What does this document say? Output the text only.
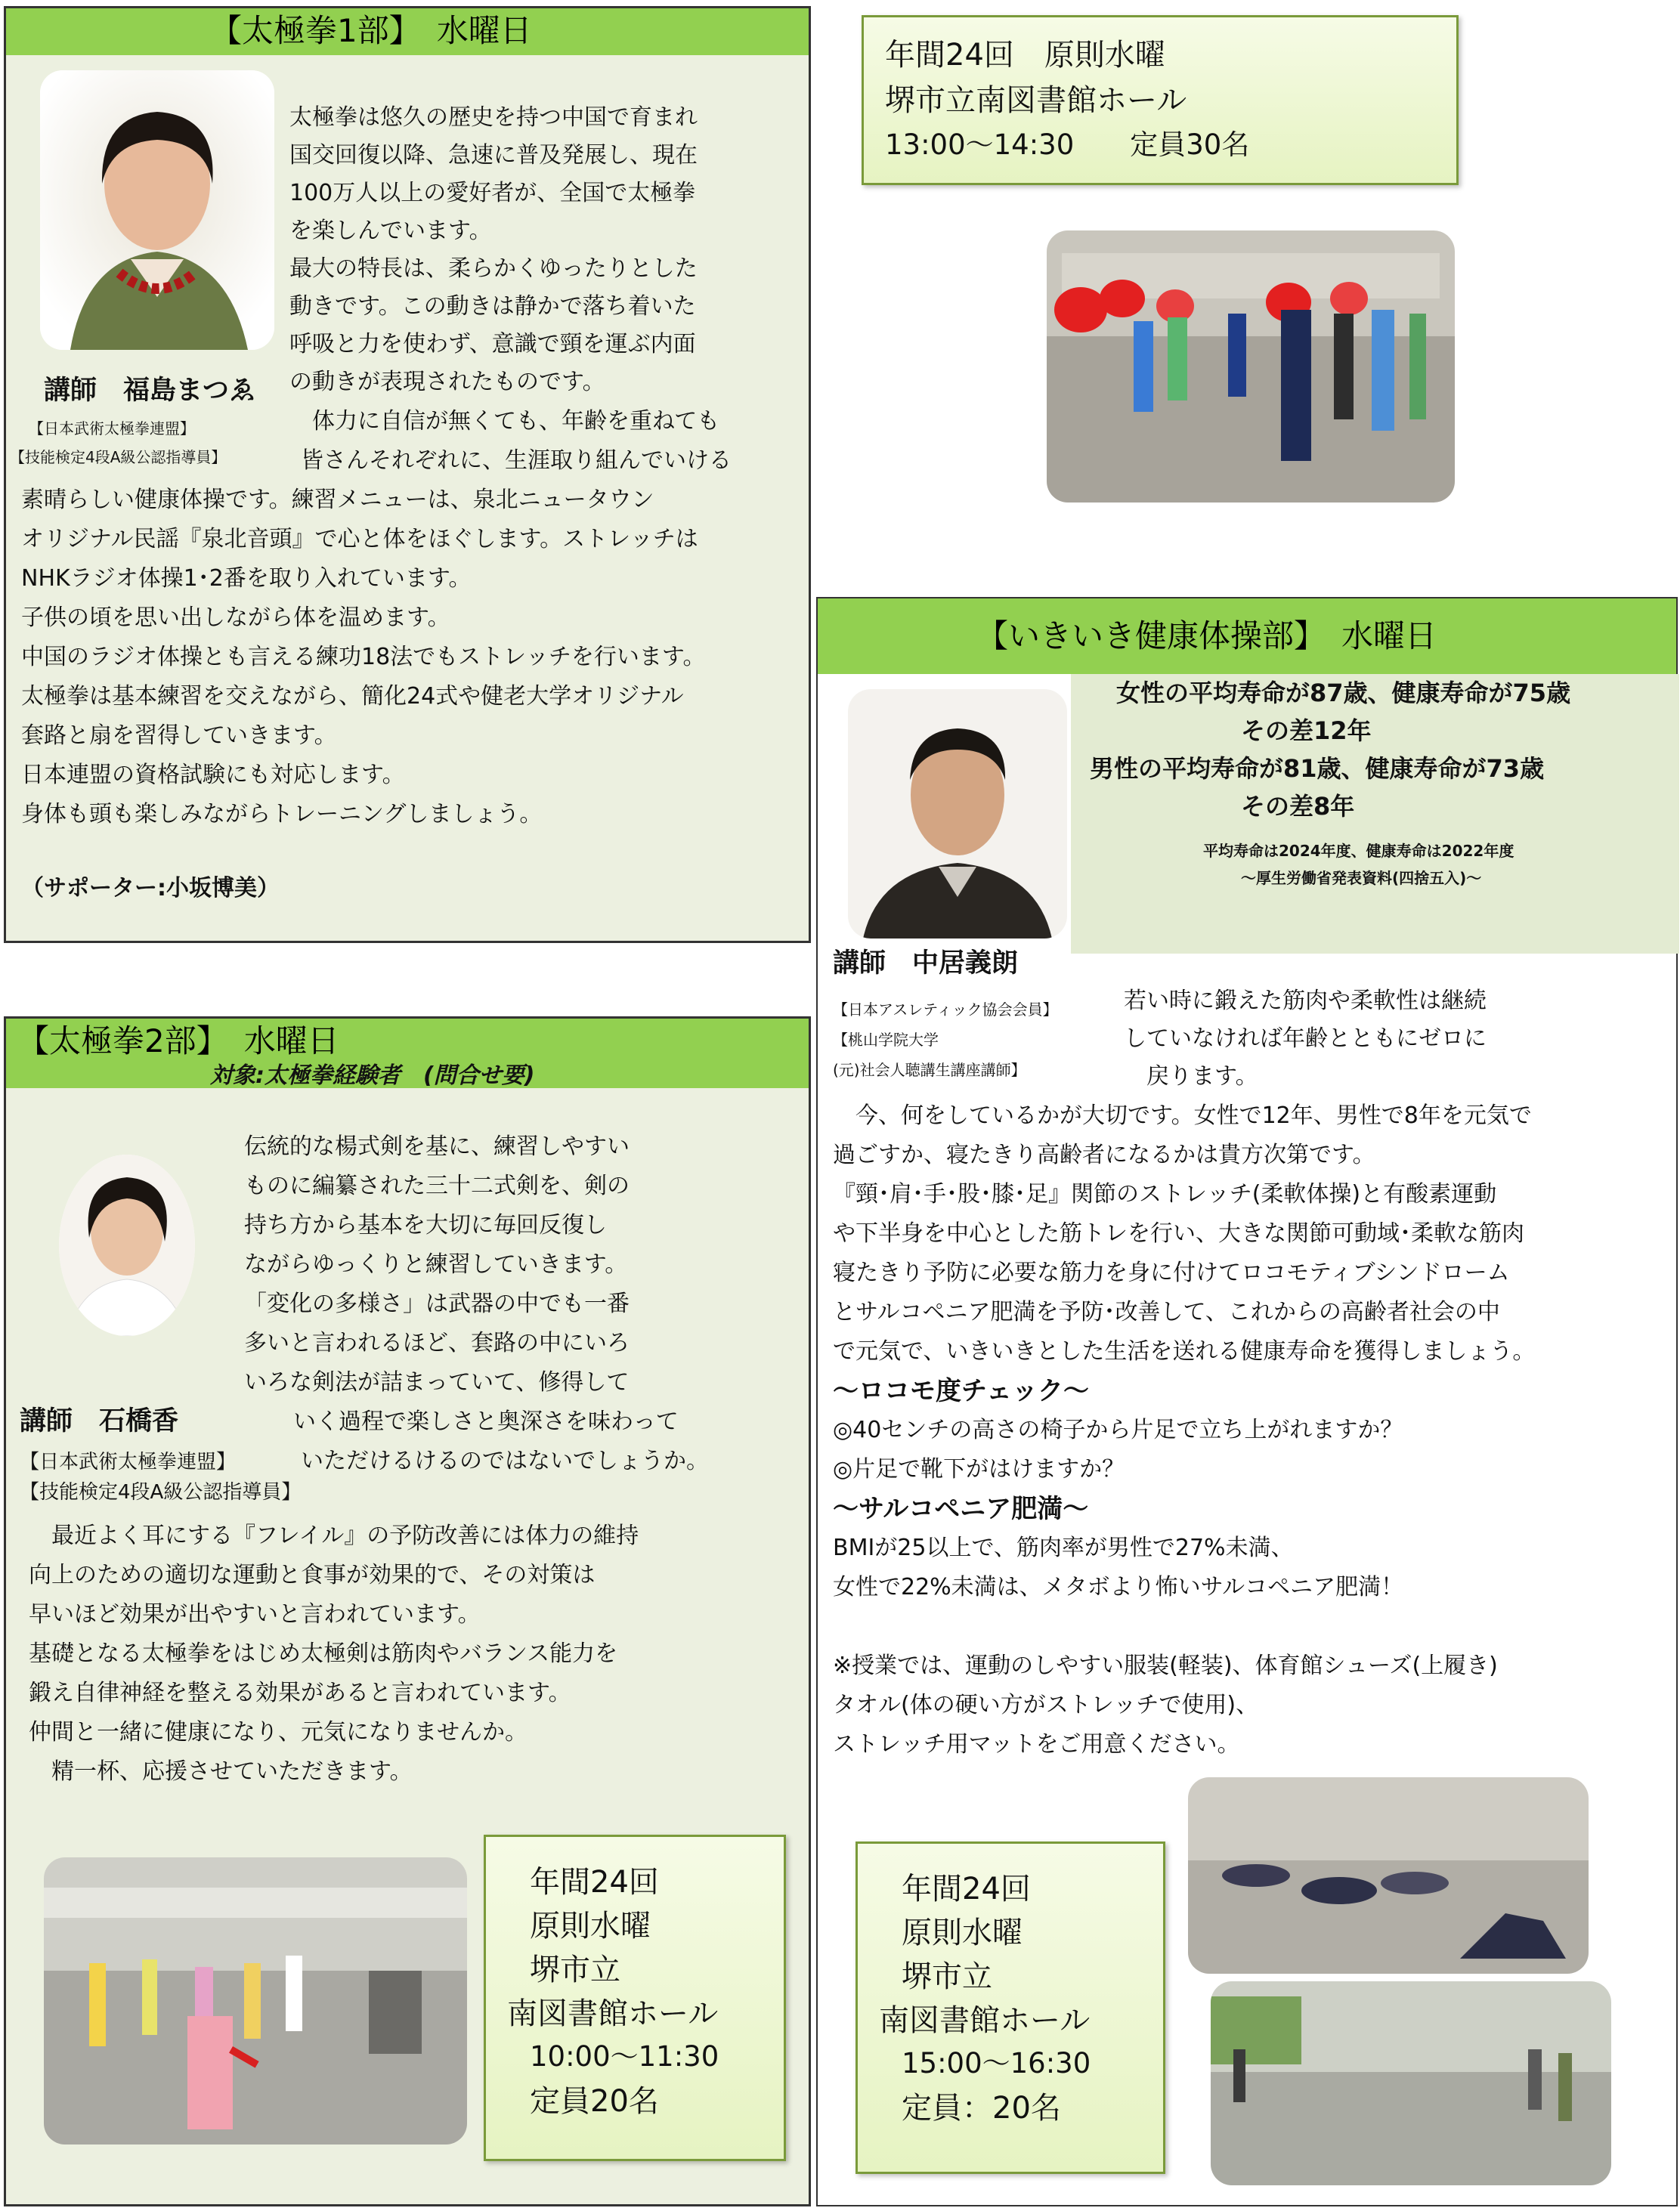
【太極拳1部】　水曜日
講師　福島まつゑ
【日本武術太極拳連盟】
【技能検定4段A級公認指導員】
太極拳は悠久の歴史を持つ中国で育まれ
国交回復以降、急速に普及発展し、現在
100万人以上の愛好者が、全国で太極拳
を楽しんでいます。
最大の特長は、柔らかくゆったりとした
動きです。この動きは静かで落ち着いた
呼吸と力を使わず、意識で頸を運ぶ内面
の動きが表現されたものです。
　体力に自信が無くても、年齢を重ねても
皆さんそれぞれに、生涯取り組んでいける
素晴らしい健康体操です。練習メニューは、泉北ニュータウン
オリジナル民謡『泉北音頭』で心と体をほぐします。ストレッチは
NHKラジオ体操1･2番を取り入れています。
子供の頃を思い出しながら体を温めます。
中国のラジオ体操とも言える練功18法でもストレッチを行います。
太極拳は基本練習を交えながら、簡化24式や健老大学オリジナル
套路と扇を習得していきます。
日本連盟の資格試験にも対応します。
身体も頭も楽しみながらトレーニングしましょう。
（サポーター:小坂博美）
年間24回　原則水曜
堺市立南図書館ホール
13:00～14:30　　定員30名
【太極拳2部】　水曜日
対象:太極拳経験者　(問合せ要)
伝統的な楊式剣を基に、練習しやすい
ものに編纂された三十二式剣を、剣の
持ち方から基本を大切に毎回反復し
ながらゆっくりと練習していきます。
「変化の多様さ」は武器の中でも一番
多いと言われるほど、套路の中にいろ
いろな剣法が詰まっていて、修得して
いく過程で楽しさと奥深さを味わって
いただけるけるのではないでしょうか。
講師　石橋香
【日本武術太極拳連盟】
【技能検定4段A級公認指導員】
　最近よく耳にする『フレイル』の予防改善には体力の維持
向上のための適切な運動と食事が効果的で、その対策は
早いほど効果が出やすいと言われています。
基礎となる太極拳をはじめ太極剣は筋肉やバランス能力を
鍛え自律神経を整える効果があると言われています。
仲間と一緒に健康になり、元気になりませんか。
　精一杯、応援させていただきます。
年間24回
原則水曜
堺市立
南図書館ホール
10:00～11:30
定員20名
【いきいき健康体操部】　水曜日
女性の平均寿命が87歳、健康寿命が75歳
その差12年
男性の平均寿命が81歳、健康寿命が73歳
その差8年
平均寿命は2024年度、健康寿命は2022年度
～厚生労働省発表資料(四捨五入)～
講師　中居義朗
【日本アスレティック協会会員】
【桃山学院大学
(元)社会人聴講生講座講師】
若い時に鍛えた筋肉や柔軟性は継続
していなければ年齢とともにゼロに
戻ります。
　今、何をしているかが大切です。女性で12年、男性で8年を元気で
過ごすか、寝たきり高齢者になるかは貴方次第です。
『頸･肩･手･股･膝･足』関節のストレッチ(柔軟体操)と有酸素運動
や下半身を中心とした筋トレを行い、大きな関節可動域･柔軟な筋肉
寝たきり予防に必要な筋力を身に付けてロコモティブシンドローム
とサルコペニア肥満を予防･改善して、これからの高齢者社会の中
で元気で、いきいきとした生活を送れる健康寿命を獲得しましょう。
～ロコモ度チェック～
◎40センチの高さの椅子から片足で立ち上がれますか？
◎片足で靴下がはけますか？
～サルコペニア肥満～
BMIが25以上で、筋肉率が男性で27%未満、
女性で22%未満は、メタボより怖いサルコペニア肥満！
※授業では、運動のしやすい服装(軽装)、体育館シューズ(上履き)
タオル(体の硬い方がストレッチで使用)、
ストレッチ用マットをご用意ください。
年間24回
原則水曜
堺市立
南図書館ホール
15:00～16:30
定員：20名
